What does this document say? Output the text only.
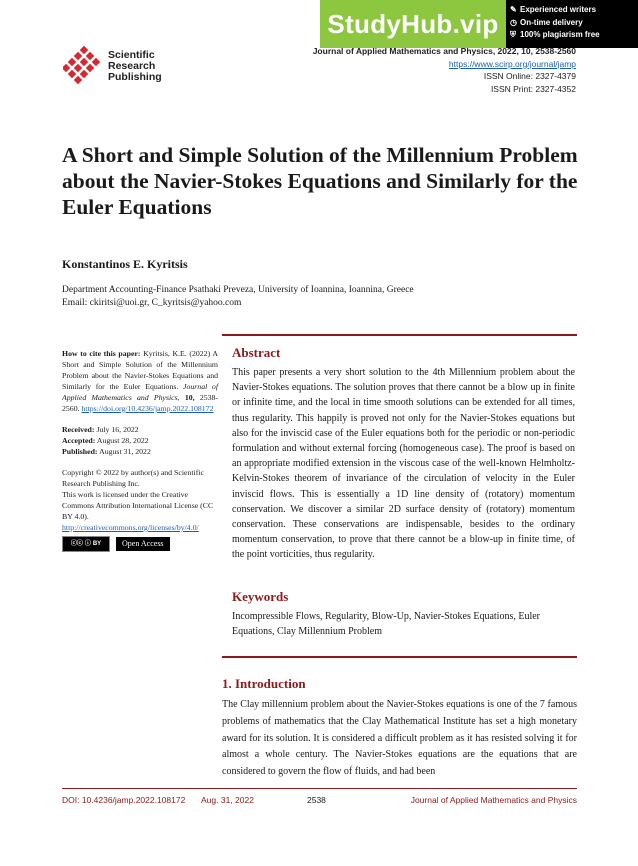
Scientific
Research
Publishing
StudyHub.vip	✎ Experienced writers
◷ On-time delivery
⛨ 100% plagiarism free
Journal of Applied Mathematics and Physics, 2022, 10, 2538-2560
https://www.scirp.org/journal/jamp
ISSN Online: 2327-4379
ISSN Print: 2327-4352
A Short and Simple Solution of the Millennium Problem about the Navier-Stokes Equations and Similarly for the Euler Equations
Konstantinos E. Kyritsis
Department Accounting-Finance Psathaki Preveza, University of Ioannina, Ioannina, Greece
Email: ckiritsi@uoi.gr, C_kyritsis@yahoo.com
How to cite this paper: Kyritsis, K.E. (2022) A Short and Simple Solution of the Millennium Problem about the Navier-Stokes Equations and Similarly for the Euler Equations. Journal of Applied Mathematics and Physics, 10, 2538-2560. https://doi.org/10.4236/jamp.2022.108172

Received: July 16, 2022

Accepted: August 28, 2022

Published: August 31, 2022

Copyright © 2022 by author(s) and Scientific Research Publishing Inc.

This work is licensed under the Creative Commons Attribution International License (CC BY 4.0).

http://creativecommons.org/licenses/by/4.0/

ⓒⓒ ⓘ BY	Open Access
Abstract
This paper presents a very short solution to the 4th Millennium problem about the Navier-Stokes equations. The solution proves that there cannot be a blow up in finite or infinite time, and the local in time smooth solutions can be extended for all times, thus regularity. This happily is proved not only for the Navier-Stokes equations but also for the inviscid case of the Euler equations both for the periodic or non-periodic formulation and without external forcing (homogeneous case). The proof is based on an appropriate modified extension in the viscous case of the well-known Helmholtz-Kelvin-Stokes theorem of invariance of the circulation of velocity in the Euler inviscid flows. This is essentially a 1D line density of (rotatory) momentum conservation. We discover a similar 2D surface density of (rotatory) momentum conservation. These conservations are indispensable, besides to the ordinary momentum conservation, to prove that there cannot be a blow-up in finite time, of the point vorticities, thus regularity.
Keywords
Incompressible Flows, Regularity, Blow-Up, Navier-Stokes Equations, Euler Equations, Clay Millennium Problem
1. Introduction
The Clay millennium problem about the Navier-Stokes equations is one of the 7 famous problems of mathematics that the Clay Mathematical Institute has set a high monetary award for its solution. It is considered a difficult problem as it has resisted solving it for almost a whole century. The Navier-Stokes equations are the equations that are considered to govern the flow of fluids, and had been
DOI: 10.4236/jamp.2022.108172 Aug. 31, 2022	2538	Journal of Applied Mathematics and Physics
